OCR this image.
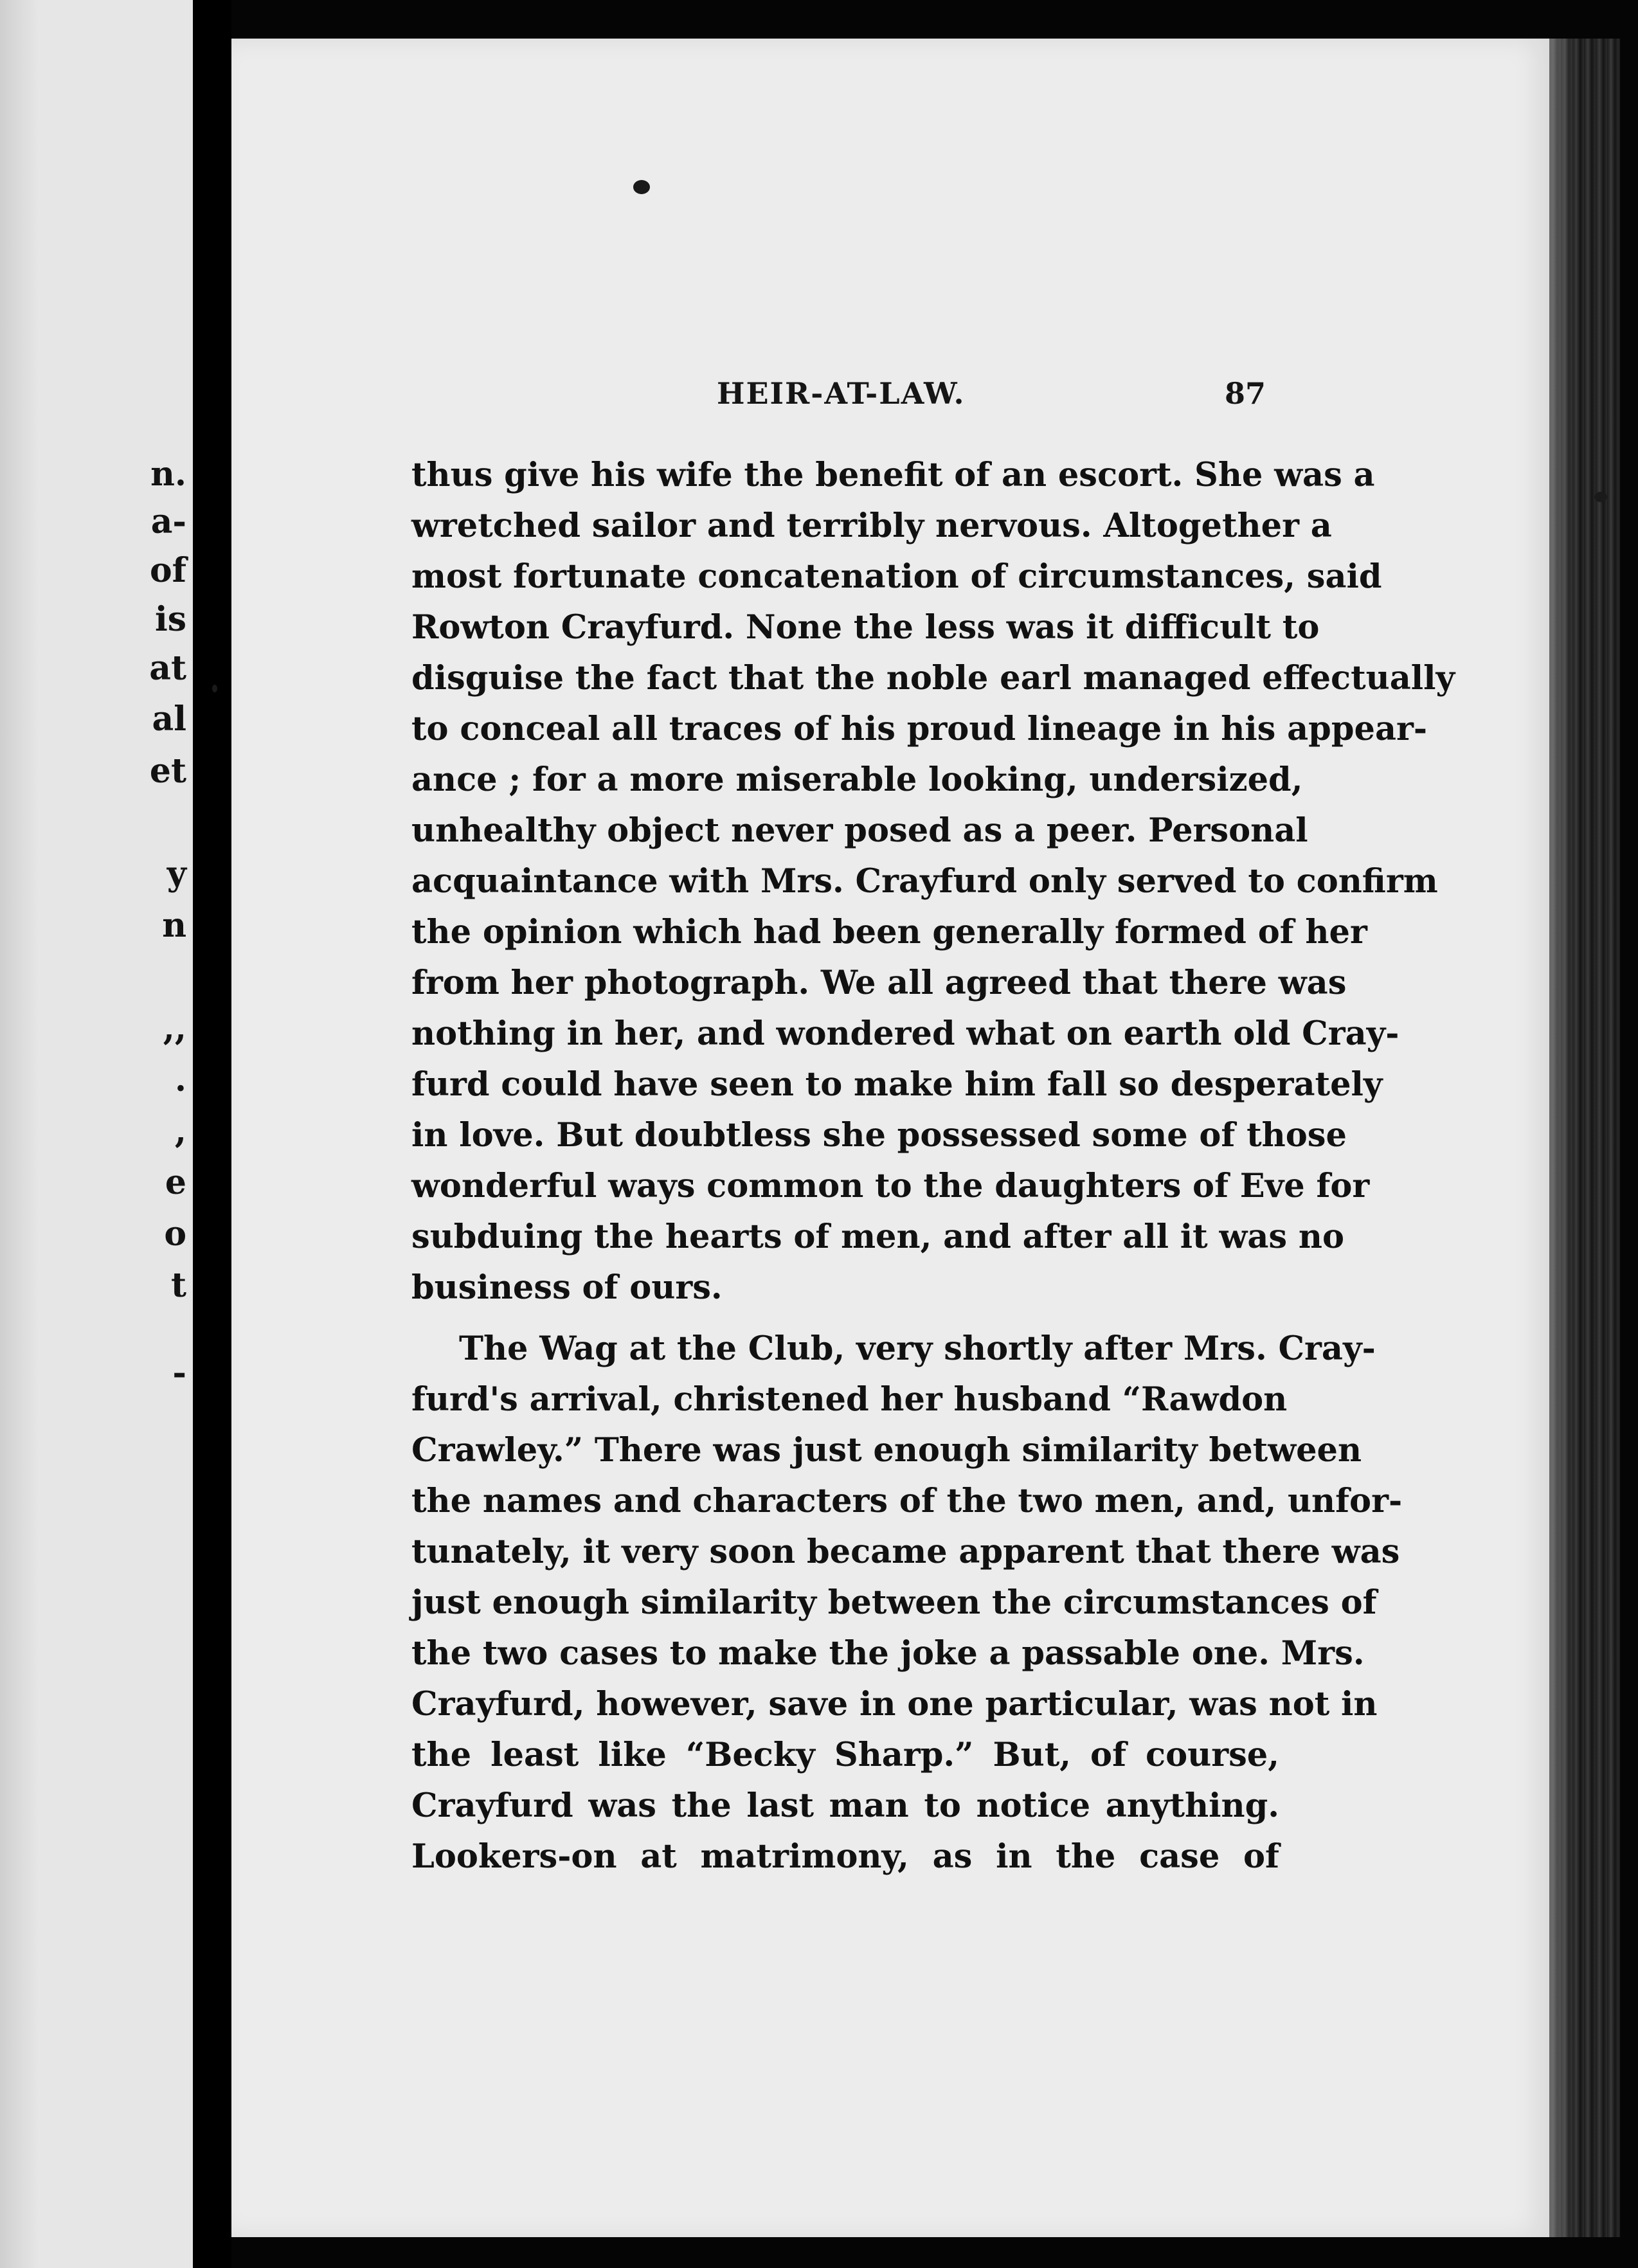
n.
a-
of
is
at
al
et
y
n
,,
.
,
e
o
t
-
HEIR-AT-LAW.	87
thus give his wife the benefit of an escort. She was a
wretched sailor and terribly nervous. Altogether a
most fortunate concatenation of circumstances, said
Rowton Crayfurd. None the less was it difficult to
disguise the fact that the noble earl managed effectually
to conceal all traces of his proud lineage in his appear-
ance ; for a more miserable looking, undersized,
unhealthy object never posed as a peer. Personal
acquaintance with Mrs. Crayfurd only served to confirm
the opinion which had been generally formed of her
from her photograph. We all agreed that there was
nothing in her, and wondered what on earth old Cray-
furd could have seen to make him fall so desperately
in love. But doubtless she possessed some of those
wonderful ways common to the daughters of Eve for
subduing the hearts of men, and after all it was no
business of ours.
The Wag at the Club, very shortly after Mrs. Cray-
furd's arrival, christened her husband “Rawdon
Crawley.” There was just enough similarity between
the names and characters of the two men, and, unfor-
tunately, it very soon became apparent that there was
just enough similarity between the circumstances of
the two cases to make the joke a passable one. Mrs.
Crayfurd, however, save in one particular, was not in
the least like “Becky Sharp.” But, of course,
Crayfurd was the last man to notice anything.
Lookers-on at matrimony, as in the case of
